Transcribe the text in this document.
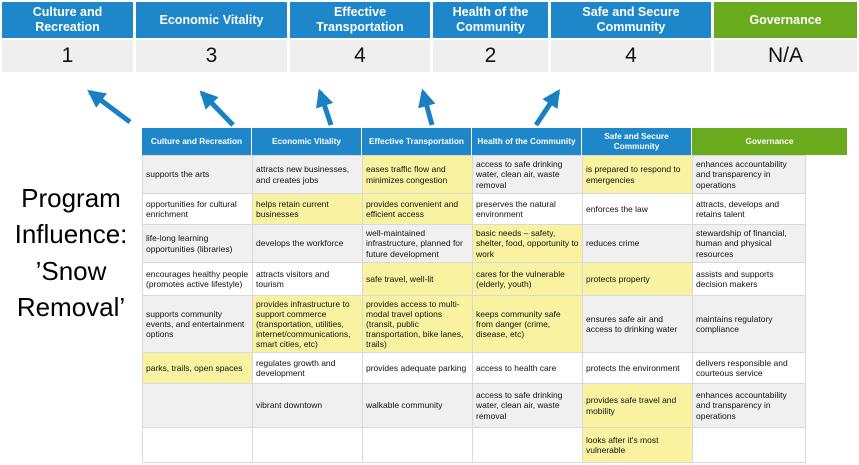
Culture and Recreation
1
Economic Vitality
3
Effective Transportation
4
Health of the Community
2
Safe and Secure Community
4
Governance
N/A
Program
Influence:
’Snow
Removal’
Culture and Recreation	Economic Vitality	Effective Transportation	Health of the Community	Safe and Secure Community	Governance
supports the arts	attracts new businesses, and creates jobs	eases traffic flow and minimizes congestion	access to safe drinking water, clean air, waste removal	is prepared to respond to emergencies	enhances accountability and transparency in operations
opportunities for cultural enrichment	helps retain current businesses	provides convenient and efficient access	preserves the natural environment	enforces the law	attracts, develops and retains talent
life-long learning opportunities (libraries)	develops the workforce	well-maintained infrastructure, planned for future development	basic needs – safety, shelter, food, opportunity to work	reduces crime	stewardship of financial, human and physical resources
encourages healthy people (promotes active lifestyle)	attracts visitors and tourism	safe travel, well-lit	cares for the vulnerable (elderly, youth)	protects property	assists and supports decision makers
supports community events, and entertainment options	provides infrastructure to support commerce (transportation, utilities, internet/communications, smart cities, etc)	provides access to multi-modal travel options (transit, public transportation, bike lanes, trails)	keeps community safe from danger (crime, disease, etc)	ensures safe air and access to drinking water	maintains regulatory compliance
parks, trails, open spaces	regulates growth and development	provides adequate parking	access to health care	protects the environment	delivers responsible and courteous service
	vibrant downtown	walkable community	access to safe drinking water, clean air, waste removal	provides safe travel and mobility	enhances accountability and transparency in operations
				looks after it's most vulnerable	
